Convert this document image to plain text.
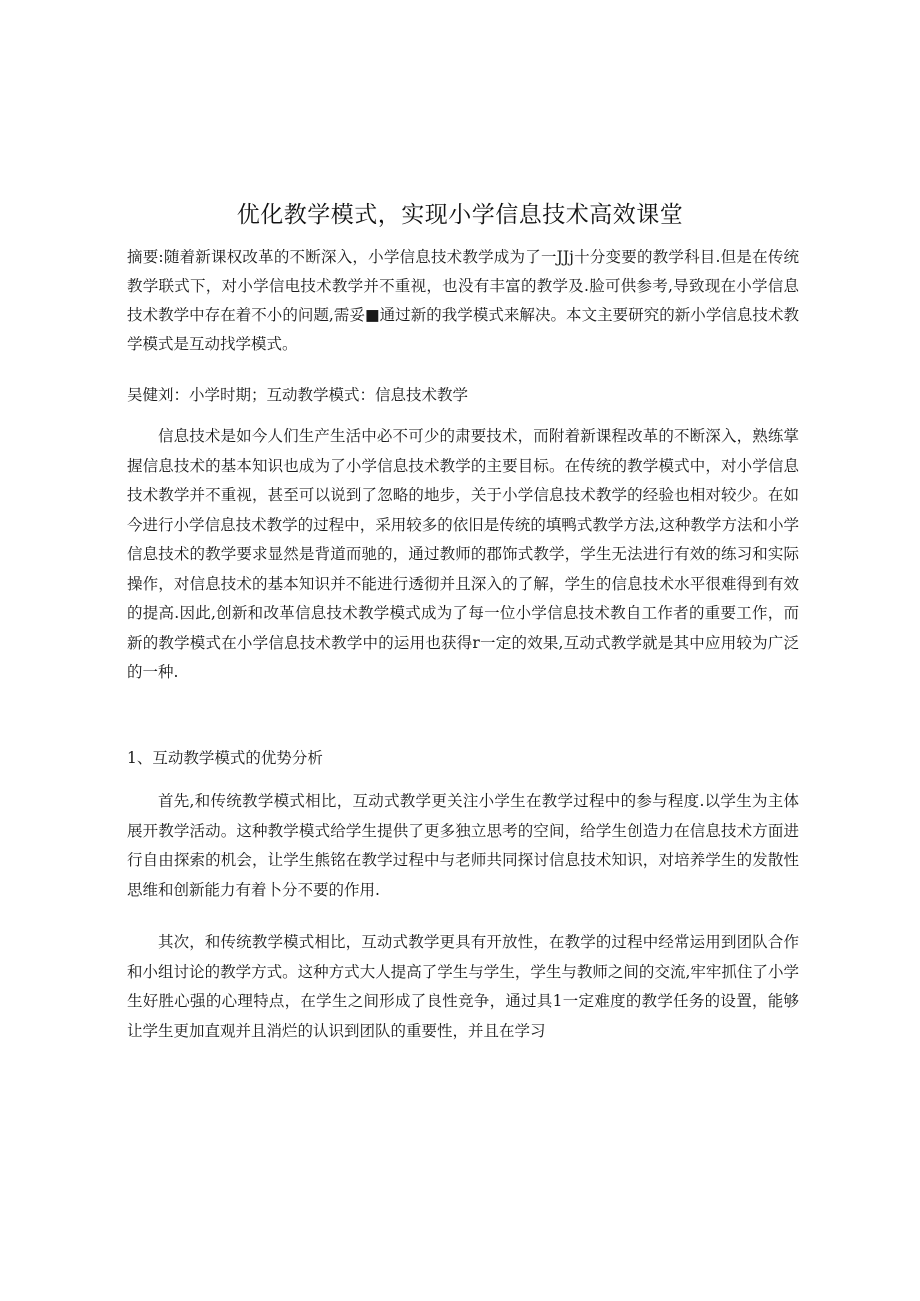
优化教学模式，实现小学信息技术高效课堂

摘要:随着新课权改革的不断深入，小学信息技术教学成为了一JJj十分变要的教学科目.但是在传统教学联式下，对小学信电技术教学并不重视，也没有丰富的教学及.脸可供参考,导致现在小学信息技术教学中存在着不小的问题,需妥■通过新的我学模式来解决。本文主要研究的新小学信息技术教学模式是互动找学模式。

吴健刘：小学时期；互动教学模式：信息技术教学

信息技术是如今人们生产生活中必不可少的肃要技术，而附着新课程改革的不断深入，熟练掌握信息技术的基本知识也成为了小学信息技术教学的主要目标。在传统的教学模式中，对小学信息技术教学并不重视，甚至可以说到了忽略的地步，关于小学信息技术教学的经验也相对较少。在如今进行小学信息技术教学的过程中，采用较多的依旧是传统的填鸭式教学方法,这种教学方法和小学信息技术的教学要求显然是背道而驰的，通过教师的郡饰式教学，学生无法进行有效的练习和实际操作，对信息技术的基本知识并不能进行透彻并且深入的了解，学生的信息技术水平很难得到有效的提高.因此,创新和改革信息技术教学模式成为了每一位小学信息技术教自工作者的重要工作，而新的教学模式在小学信息技术教学中的运用也获得r一定的效果,互动式教学就是其中应用较为广泛的一种.

1、互动教学模式的优势分析

首先,和传统教学模式相比，互动式教学更关注小学生在教学过程中的参与程度.以学生为主体展开教学活动。这种教学模式给学生提供了更多独立思考的空间，给学生创造力在信息技术方面进行自由探索的机会，让学生熊铭在教学过程中与老师共同探讨信息技术知识，对培养学生的发散性思维和创新能力有着卜分不要的作用.

其次，和传统教学模式相比，互动式教学更具有开放性，在教学的过程中经常运用到团队合作和小组讨论的教学方式。这种方式大人提高了学生与学生，学生与教师之间的交流,牢牢抓住了小学生好胜心强的心理特点，在学生之间形成了良性竞争，通过具1一定难度的教学任务的设置，能够让学生更加直观并且消烂的认识到团队的重要性，并且在学习
